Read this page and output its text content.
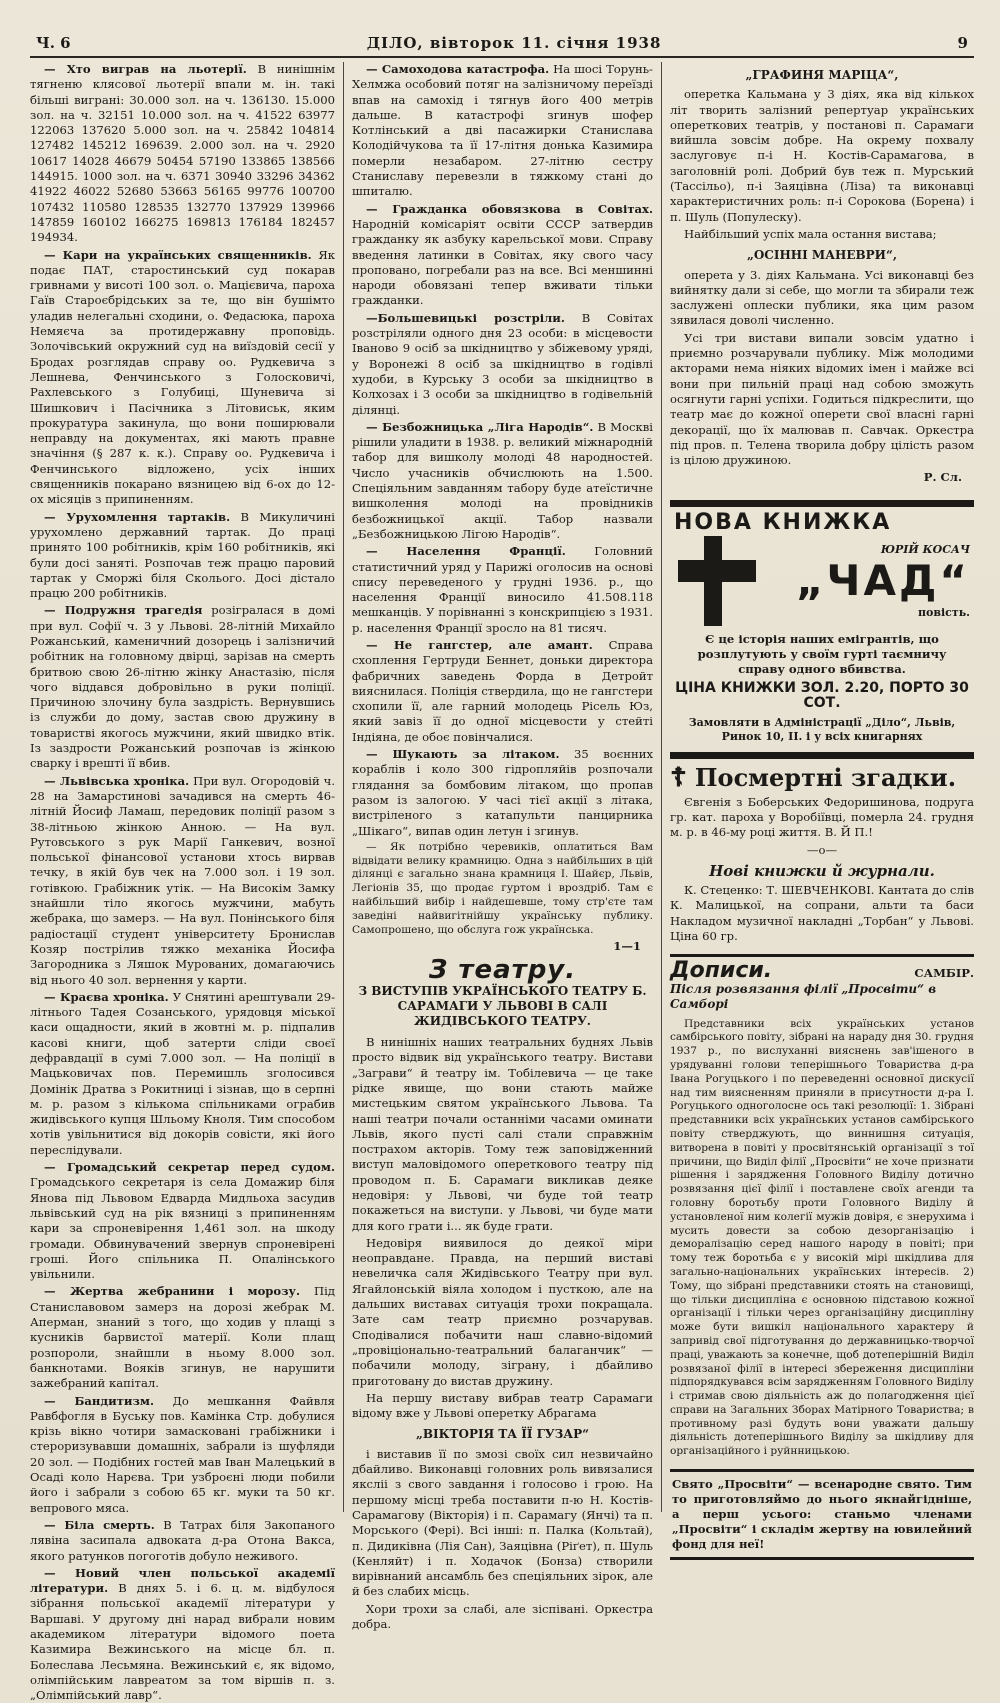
Ч. 6	ДІЛО, вівторок 11. січня 1938	9

— Хто виграв на льотерії. В нинішнім тягненю клясової льотерії впали м. ін. такі більші виграні: 30.000 зол. на ч. 136130. 15.000 зол. на ч. 32151 10.000 зол. на ч. 41522 63977 122063 137620 5.000 зол. на ч. 25842 104814 127482 145212 169639. 2.000 зол. на ч. 2920 10617 14028 46679 50454 57190 133865 138566 144915. 1000 зол. на ч. 6371 30940 33296 34362 41922 46022 52680 53663 56165 99776 100700 107432 110580 128535 132770 137929 139966 147859 160102 166275 169813 176184 182457 194934.

— Кари на українських священників. Як подає ПАТ, старостинський суд покарав гривнами у висоті 100 зол. о. Мацієвича, пароха Гаїв Староєбрідських за те, що він бушімто уладив нелегальні сходини, о. Федасюка, пароха Немяєча за протидержавну проповідь. Золочівський окружний суд на виїздовій сесії у Бродах розглядав справу оо. Рудкевича з Лешнева, Фенчинського з Голосковичі, Рахлевського з Голубиці, Шуневича зі Шишкович і Пасічника з Літовиськ, яким прокуратура закинула, що вони поширювали неправду на документах, які мають правне значіння (§ 287 к. к.). Справу оо. Рудкевича і Фенчинського відложено, усіх інших священників покарано вязницею від 6-ох до 12-ох місяців з припиненням.

— Урухомлення тартаків. В Микуличині урухомлено державний тартак. До праці принято 100 робітників, крім 160 робітників, які були досі заняті. Розпочав теж працю паровий тартак у Сморжі біля Сколього. Досі дістало працю 200 робітників.

— Подружня трагедія розігралася в домі при вул. Софії ч. 3 у Львові. 28-літній Михайло Рожанський, каменичний дозорець і залізничий робітник на головному двірці, зарізав на смерть бритвою свою 26-літню жінку Анастазію, після чого віддався добровільно в руки поліції. Причиною злочину була заздрість. Вернувшись із служби до дому, застав свою дружину в товаристві якогось мужчини, який швидко втік. Із заздрости Рожанський розпочав із жінкою сварку і врешті її вбив.

— Львівська хроніка. При вул. Огородовій ч. 28 на Замарстинові зачадився на смерть 46-літній Йосиф Ламаш, передовик поліції разом з 38-літньою жінкою Анною. — На вул. Рутовського з рук Марії Ганкевич, возної польської фінансової установи хтось вирвав течку, в якій був чек на 7.000 зол. і 19 зол. готівкою. Грабіжник утік. — На Високім Замку знайшли тіло якогось мужчини, мабуть жебрака, що замерз. — На вул. Понінського біля радіостації студент університету Бронислав Козяр пострілив тяжко механіка Йосифа Загородника з Ляшок Мурованих, домагаючись від нього 40 зол. вернення у карти.

— Краєва хроніка. У Снятині арештували 29-літнього Тадея Созанського, урядовця міської каси ощадности, який в жовтні м. р. підпалив касові книги, щоб затерти сліди своєї дефравдації в сумі 7.000 зол. — На поліції в Мацьковичах пов. Перемишль зголосився Домінік Дратва з Рокитниці і зізнав, що в серпні м. р. разом з кількома спільниками ограбив жидівського купця Шльому Кноля. Тим способом хотів увільнитися від докорів совісти, які його переслідували.

— Громадський секретар перед судом. Громадського секретаря із села Домажир біля Янова під Львовом Едварда Мидльоха засудив львівський суд на рік вязниці з припиненням кари за спроневірення 1,461 зол. на шкоду громади. Обвинувачений звернув спроневірені гроші. Його спільника П. Опалінського увільнили.

— Жертва жебранини і морозу. Під Станиславовом замерз на дорозі жебрак М. Аперман, знаний з того, що ходив у плащі з кусників барвистої матерії. Коли плащ розпороли, знайшли в ньому 8.000 зол. банкнотами. Вояків згинув, не нарушити зажебраний капітал.

— Бандитизм. До мешкання Файвля Равбфогля в Буську пов. Камінка Стр. добулися крізь вікно чотири замасковані грабіжники і стероризувавши домашніх, забрали із шуфляди 20 зол. — Подібних гостей мав Іван Малецький в Осаді коло Нарєва. Три узброєні люди побили його і забрали з собою 65 кг. муки та 50 кг. вепрового мяса.

— Біла смерть. В Татрах біля Закопаного лявіна засипала адвоката д-ра Отона Вакса, якого ратунков погоготів добуло неживого.

— Новий член польської академії літератури. В днях 5. і 6. ц. м. відбулося зібрання польської академії літератури у Варшаві. У другому дні нарад вибрали новим академиком літератури відомого поета Казимира Вежинського на місце бл. п. Болеслава Лесьмяна. Вежинський є, як відомо, олімпійським лавреатом за том віршів п. з. „Олімпійський лавр“.

— Самоходова катастрофа. На шосі Торунь-Хелмжа особовий потяг на залізничому переїзді впав на самохід і тягнув його 400 метрів дальше. В катастрофі згинув шофер Котлінський а дві пасажирки Станислава Колодійчукова та її 17-літня донька Казимира померли незабаром. 27-літню сестру Станиславу перевезли в тяжкому стані до шпиталю.

— Гражданка обовязкова в Совітах. Народній комісаріят освіти СССР затвердив гражданку як азбуку карельської мови. Справу введення латинки в Совітах, яку свого часу проповано, погребали раз на все. Всі меншинні народи обовязані тепер вживати тільки гражданки.

—Большевицькі розстріли. В Совітах розстріляли одного дня 23 особи: в місцевости Іваново 9 осіб за шкідництво у збіжевому уряді, у Воронежі 8 осіб за шкідництво в годівлі худоби, в Курську 3 особи за шкідництво в Колхозах і 3 особи за шкідництво в годівельній ділянці.

— Безбожницька „Ліга Народів“. В Москві рішили уладити в 1938. р. великий міжнародній табор для вишколу молоді 48 народностей. Число учасників обчислюють на 1.500. Спеціяльним завданням табору буде атеїстичне вишколення молоді на провідників безбожницької акції. Табор назвали „Безбожницькою Лігою Народів“.

— Населення Франції. Головний статистичний уряд у Парижі оголосив на основі спису переведеного у грудні 1936. р., що населення Франції виносило 41.508.118 мешканців. У порівнанні з конскрипцією з 1931. р. населення Франції зросло на 81 тисяч.

— Не гангстер, але амант. Справа схоплення Гертруди Беннет, доньки директора фабричних заведень Форда в Детройт вияснилася. Поліція ствердила, що не гангстери схопили її, але гарний молодець Рісель Юз, який завіз її до одної місцевости у стейті Індіяна, де обоє повінчалися.

— Шукають за літаком. 35 воєнних кораблів і коло 300 гідропляйів розпочали глядання за бомбовим літаком, що пропав разом із залогою. У часі тієї акції з літака, вистріленого з катапульти панцирника „Шікаго“, випав один летун і згинув.

— Як потрібно черевиків, оплатиться Вам відвідати велику крамницю. Одна з найбільших в цій ділянці є загально знана крамниця І. Шайєр, Львів, Легіонів 35, що продає гуртом і вроздріб. Там є найбільший вибір і найдешевше, тому стр'єте там заведіні найвигітнійшу українську публику. Самопрошено, що обслуга гож українська.

1—1
З театру.
З ВИСТУПІВ УКРАЇНСЬКОГО ТЕАТРУ Б. САРАМАГИ У ЛЬВОВІ В САЛІ ЖИДІВСЬКОГО ТЕАТРУ.

В нинішніх наших театральних буднях Львів просто відвик від українського театру. Вистави „Заграви“ й театру ім. Тобілевича — це таке рідке явище, що вони стають майже мистецьким святом українського Львова. Та наші театри почали останніми часами оминати Львів, якого пусті салі стали справжнім пострахом акторів. Тому теж заповідженний виступ маловідомого опереткового театру під проводом п. Б. Сарамаги викликав деяке недовіря: у Львові, чи буде той театр покажеться на виступи. у Львові, чи буде мати для кого грати і... як буде грати.

Недовіря виявилося до деякої міри неоправдане. Правда, на перший виставі невеличка саля Жидівського Театру при вул. Ягайлонській віяла холодом і пусткою, але на дальших виставах ситуація трохи покращала. Зате сам театр приємно розчарував. Сподівалися побачити наш славно-відомий „провіціонально-театральний балаганчик“ — побачили молоду, зіграну, і дбайливо приготовану до вистав дружину.

На першу виставу вибрав театр Сарамаги відому вже у Львові оперетку Абрагама

„ВІКТОРІЯ ТА ЇЇ ГУЗАР“

і виставив її по змозі своїх сил незвичайно дбайливо. Виконавці головних роль вивязалися яксліі з свого завдання і голосово і грою. На першому місці треба поставити п-ю Н. Костів-Сарамагову (Вікторія) і п. Сарамагу (Янчі) та п. Морського (Фері). Всі інші: п. Палка (Кольтай), п. Дидиківна (Лія Сан), Заяцівна (Ріґет), п. Шуль (Кенляйт) і п. Ходачок (Бонза) створили вирівнаний ансамбль без спеціяльних зірок, але й без слабих місць.

Хори трохи за слабі, але зіспівані. Оркестра добра.

„ГРАФИНЯ МАРІЦА“,

оперетка Кальмана у 3 діях, яка від кількох літ творить залізний репертуар українських опереткових театрів, у постанові п. Сарамаги вийшла зовсім добре. На окрему похвалу заслуговує п-і Н. Костів-Сарамагова, в заголовній ролі. Добрий був теж п. Мурський (Тассільо), п-і Заяцівна (Ліза) та виконавці характеристичних роль: п-і Сорокова (Борена) і п. Шуль (Популеску).

Найбільший успіх мала остання вистава;

„ОСІННІ МАНЕВРИ“,

оперета у 3. діях Кальмана. Усі виконавці без вийнятку дали зі себе, що могли та збирали теж заслужені оплески публики, яка цим разом зявилася доволі численно.

Усі три вистави випали зовсім удатно і приємно розчарували публику. Між молодими акторами нема ніяких відомих імен і майже всі вони при пильній праці над собою зможуть осягнути гарні успіхи. Годиться підкреслити, що театр має до кожної оперети свої власні гарні декорації, що їх малював п. Савчак. Оркестра під пров. п. Телена творила добру цілість разом із цілою дружиною.

Р. Сл.
НОВА КНИЖКА
ЮРІЙ КОСАЧ
„ЧАД“
повість.
Є це історія наших емігрантів, що розплутують у своїм гурті таємничу справу одного вбивства.
ЦІНА КНИЖКИ ЗОЛ. 2.20, ПОРТО 30 СОТ.
Замовляти в Адміністрації „Діло“, Львів, Ринок 10, II. і у всіх книгарнях
☦ Посмертні згадки.

Євгенія з Боберських Федоришинова, подруга гр. кат. пароха у Воробіївці, померла 24. грудня м. р. в 46-му році життя. В. Й П.!

—о—
Нові книжки й журнали.

К. Стеценко: Т. ШЕВЧЕНКОВІ. Кантата до слів К. Малицької, на сопрани, альти та баси Накладом музичної накладні „Торбан“ у Львові. Ціна 60 гр.

Дописи.	САМБІР.
Після розвязання філії „Просвіти“ в Самборі

Представники всіх українських установ самбірського повіту, зібрані на нараду дня 30. грудня 1937 р., по вислуханні вияснень зав'ішеного в урядуванні голови теперішнього Товариства д-ра Івана Рогуцького і по переведенні основної дискусії над тим виясненням приняли в присутности д-ра І. Рогуцького одноголосне ось такі резолюції: 1. Зібрані представники всіх українських установ самбірського повіту стверджують, що виннишня ситуація, витворена в повіті у просвітянській організації з тої причини, що Виділ філії „Просвіти“ не хоче признати рішення і зарядження Головного Виділу дотично розвязання цієї філії і поставлене своїх агенди та головну боротьбу проти Головного Виділу й установленої ним колегії мужів довіря, є знерухима і мусить довести за собою дезорганізацію і деморалізацію серед нашого народу в повіті; при тому теж боротьба є у високій мірі шкідлива для загально-національних українських інтересів. 2) Тому, що зібрані представники стоять на становищі, що тільки дисципліна є основною підставою кожної організації і тільки через організаційну дисципліну може бути вишкіл національного характеру й запривід свої підготування до державницько-творчої праці, уважають за конечне, щоб дотеперішній Виділ розвязаної філії в інтересі збереження дисципліни підпорядкувався всім зарядженням Головного Виділу і стримав свою діяльність аж до полагодження цієї справи на Загальних Зборах Матірного Товариства; в противному разі будуть вони уважати дальшу діяльність дотеперішнього Виділу за шкідливу для організаційного і руйнницькою.

Свято „Просвіти“ — всенародне свято. Тим то приготовляймо до нього якнайгідніше, а перш усього: станьмо членами „Просвіти“ і складім жертву на ювилейний фонд для неї!
